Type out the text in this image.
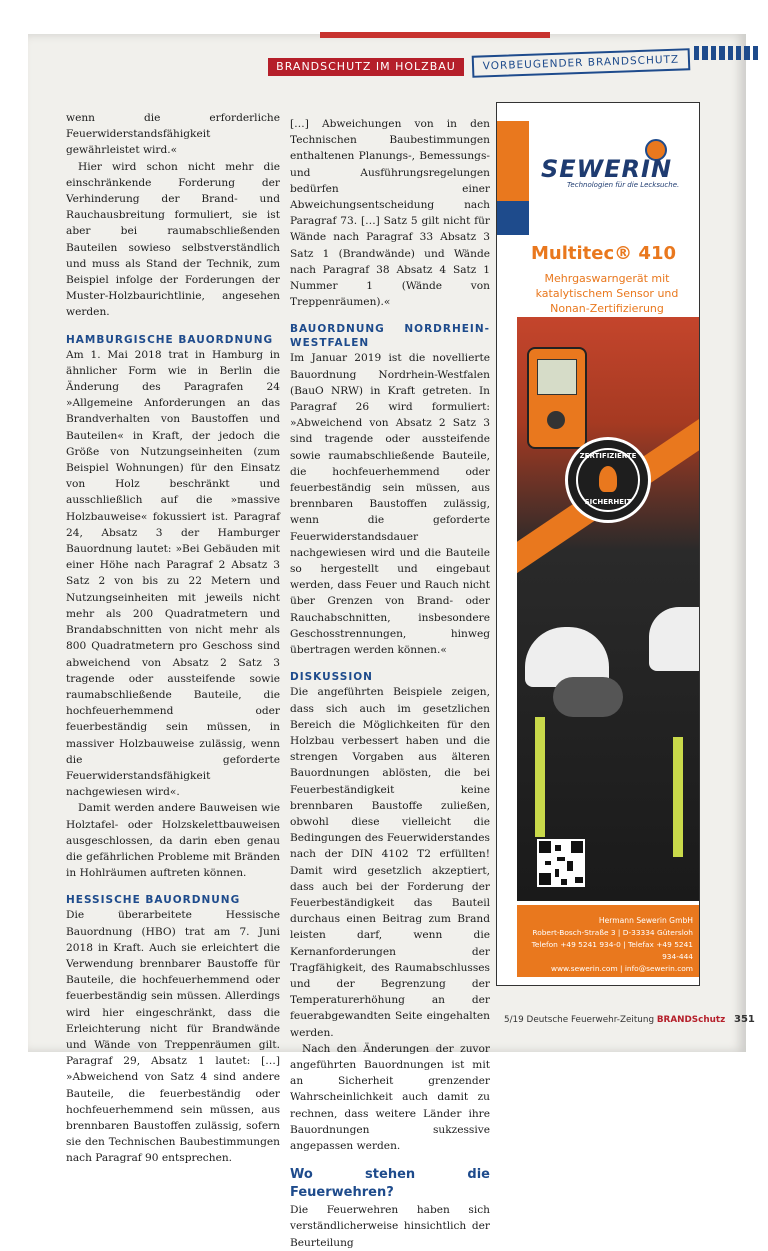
BRANDSCHUTZ IM HOLZBAU	VORBEUGENDER BRANDSCHUTZ

wenn die erforderliche Feuerwiderstandsfähigkeit gewährleistet wird.«

Hier wird schon nicht mehr die einschränkende Forderung der Verhinderung der Brand- und Rauchausbreitung formuliert, sie ist aber bei raumabschließenden Bauteilen sowieso selbstverständlich und muss als Stand der Technik, zum Beispiel infolge der Forderungen der Muster-Holzbaurichtlinie, angesehen werden.

HAMBURGISCHE BAUORDNUNG

Am 1. Mai 2018 trat in Hamburg in ähnlicher Form wie in Berlin die Änderung des Paragrafen 24 »Allgemeine Anforderungen an das Brandverhalten von Baustoffen und Bauteilen« in Kraft, der jedoch die Größe von Nutzungseinheiten (zum Beispiel Wohnungen) für den Einsatz von Holz beschränkt und ausschließlich auf die »massive Holzbauweise« fokussiert ist. Paragraf 24, Absatz 3 der Hamburger Bauordnung lautet: »Bei Gebäuden mit einer Höhe nach Paragraf 2 Absatz 3 Satz 2 von bis zu 22 Metern und Nutzungseinheiten mit jeweils nicht mehr als 200 Quadratmetern und Brandabschnitten von nicht mehr als 800 Quadratmetern pro Geschoss sind abweichend von Absatz 2 Satz 3 tragende oder aussteifende sowie raumabschließende Bauteile, die hochfeuerhemmend oder feuerbeständig sein müssen, in massiver Holzbauweise zulässig, wenn die geforderte Feuerwiderstandsfähigkeit nachgewiesen wird«.

Damit werden andere Bauweisen wie Holztafel- oder Holzskelettbauweisen ausgeschlossen, da darin eben genau die gefährlichen Probleme mit Bränden in Hohlräumen auftreten können.

HESSISCHE BAUORDNUNG

Die überarbeitete Hessische Bauordnung (HBO) trat am 7. Juni 2018 in Kraft. Auch sie erleichtert die Verwendung brennbarer Baustoffe für Bauteile, die hochfeuerhemmend oder feuerbeständig sein müssen. Allerdings wird hier eingeschränkt, dass die Erleichterung nicht für Brandwände und Wände von Treppenräumen gilt. Paragraf 29, Absatz 1 lautet: […] »Abweichend von Satz 4 sind andere Bauteile, die feuerbeständig oder hochfeuerhemmend sein müssen, aus brennbaren Baustoffen zulässig, sofern sie den Technischen Baubestimmungen nach Paragraf 90 entsprechen.

[…] Abweichungen von in den Technischen Baubestimmungen enthaltenen Planungs-, Bemessungs- und Ausführungsregelungen bedürfen einer Abweichungsentscheidung nach Paragraf 73. […] Satz 5 gilt nicht für Wände nach Paragraf 33 Absatz 3 Satz 1 (Brandwände) und Wände nach Paragraf 38 Absatz 4 Satz 1 Nummer 1 (Wände von Treppenräumen).«

BAUORDNUNG NORDRHEIN-WESTFALEN

Im Januar 2019 ist die novellierte Bauordnung Nordrhein-Westfalen (BauO NRW) in Kraft getreten. In Paragraf 26 wird formuliert: »Abweichend von Absatz 2 Satz 3 sind tragende oder aussteifende sowie raumabschließende Bauteile, die hochfeuerhemmend oder feuerbeständig sein müssen, aus brennbaren Baustoffen zulässig, wenn die geforderte Feuerwiderstandsdauer nachgewiesen wird und die Bauteile so hergestellt und eingebaut werden, dass Feuer und Rauch nicht über Grenzen von Brand- oder Rauchabschnitten, insbesondere Geschosstrennungen, hinweg übertragen werden können.«

DISKUSSION

Die angeführten Beispiele zeigen, dass sich auch im gesetzlichen Bereich die Möglichkeiten für den Holzbau verbessert haben und die strengen Vorgaben aus älteren Bauordnungen ablösten, die bei Feuerbeständigkeit keine brennbaren Baustoffe zuließen, obwohl diese vielleicht die Bedingungen des Feuerwiderstandes nach der DIN 4102 T2 erfüllten! Damit wird gesetzlich akzeptiert, dass auch bei der Forderung der Feuerbeständigkeit das Bauteil durchaus einen Beitrag zum Brand leisten darf, wenn die Kernanforderungen der Tragfähigkeit, des Raumabschlusses und der Begrenzung der Temperaturerhöhung an der feuerabgewandten Seite eingehalten werden.

Nach den Änderungen der zuvor angeführten Bauordnungen ist mit an Sicherheit grenzender Wahrscheinlichkeit auch damit zu rechnen, dass weitere Länder ihre Bauordnungen sukzessive angepassen werden.

Wo stehen die Feuerwehren?

Die Feuerwehren haben sich verständlicherweise hinsichtlich der Beurteilung

SEWERIN
Technologien für die Lecksuche.
Multitec® 410
Mehrgaswarngerät mit katalytischem Sensor und Nonan-Zertifizierung
ZERTIFIZIERTE
SICHERHEIT
Hermann Sewerin GmbH
Robert-Bosch-Straße 3 | D-33334 Gütersloh
Telefon +49 5241 934-0 | Telefax +49 5241 934-444
www.sewerin.com | info@sewerin.com
5/19 Deutsche Feuerwehr-Zeitung BRANDSchutz 351
